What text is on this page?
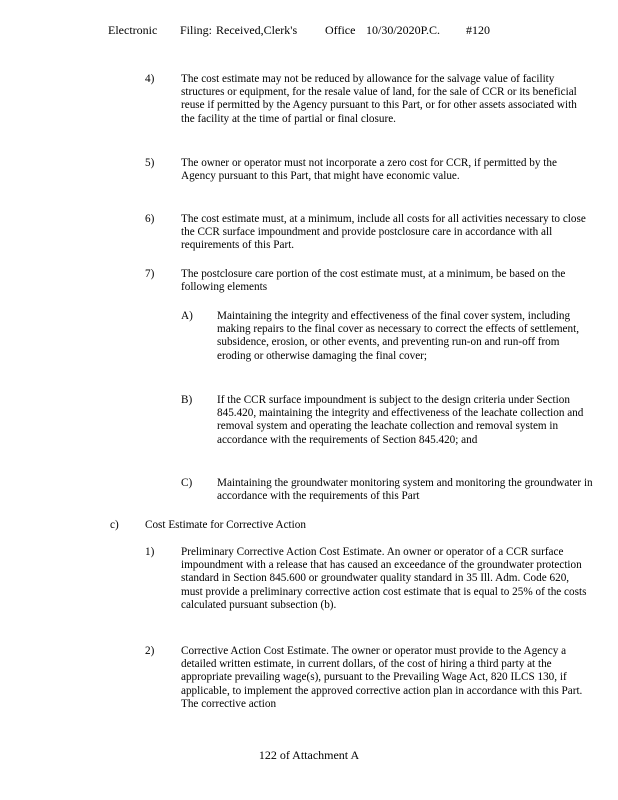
Electronic Filing: Received,Clerk's Office 10/30/2020P.C. #120
4) The cost estimate may not be reduced by allowance for the salvage value of facility structures or equipment, for the resale value of land, for the sale of CCR or its beneficial reuse if permitted by the Agency pursuant to this Part, or for other assets associated with the facility at the time of partial or final closure.
5) The owner or operator must not incorporate a zero cost for CCR, if permitted by the Agency pursuant to this Part, that might have economic value.
6) The cost estimate must, at a minimum, include all costs for all activities necessary to close the CCR surface impoundment and provide postclosure care in accordance with all requirements of this Part.
7) The postclosure care portion of the cost estimate must, at a minimum, be based on the following elements
A) Maintaining the integrity and effectiveness of the final cover system, including making repairs to the final cover as necessary to correct the effects of settlement, subsidence, erosion, or other events, and preventing run-on and run-off from eroding or otherwise damaging the final cover;
B) If the CCR surface impoundment is subject to the design criteria under Section 845.420, maintaining the integrity and effectiveness of the leachate collection and removal system and operating the leachate collection and removal system in accordance with the requirements of Section 845.420; and
C) Maintaining the groundwater monitoring system and monitoring the groundwater in accordance with the requirements of this Part
c) Cost Estimate for Corrective Action
1) Preliminary Corrective Action Cost Estimate. An owner or operator of a CCR surface impoundment with a release that has caused an exceedance of the groundwater protection standard in Section 845.600 or groundwater quality standard in 35 Ill. Adm. Code 620, must provide a preliminary corrective action cost estimate that is equal to 25% of the costs calculated pursuant subsection (b).
2) Corrective Action Cost Estimate. The owner or operator must provide to the Agency a detailed written estimate, in current dollars, of the cost of hiring a third party at the appropriate prevailing wage(s), pursuant to the Prevailing Wage Act, 820 ILCS 130, if applicable, to implement the approved corrective action plan in accordance with this Part. The corrective action
122 of Attachment A
